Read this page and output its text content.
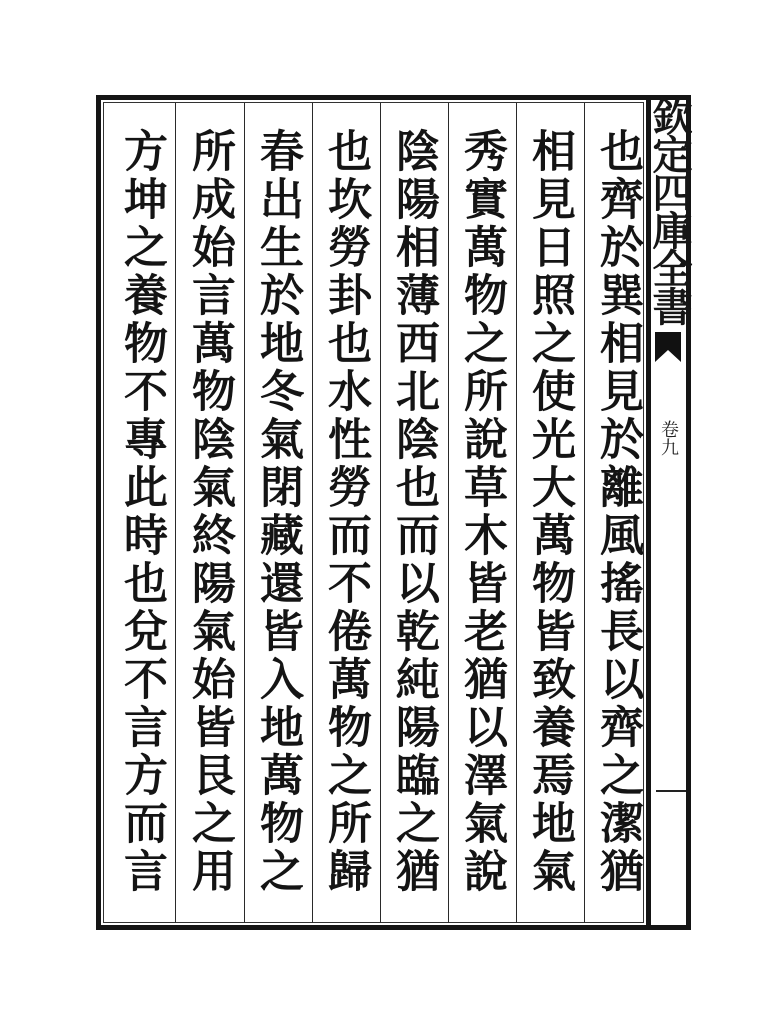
也齊於巽相見於離風搖長以齊之潔猶
相見日照之使光大萬物皆致養焉地氣
秀實萬物之所說草木皆老猶以澤氣說
陰陽相薄西北陰也而以乾純陽臨之猶
也坎勞卦也水性勞而不倦萬物之所歸
春出生於地冬氣閉藏還皆入地萬物之
所成始言萬物陰氣終陽氣始皆艮之用
方坤之養物不專此時也兌不言方而言
欽定四庫全書
卷九
